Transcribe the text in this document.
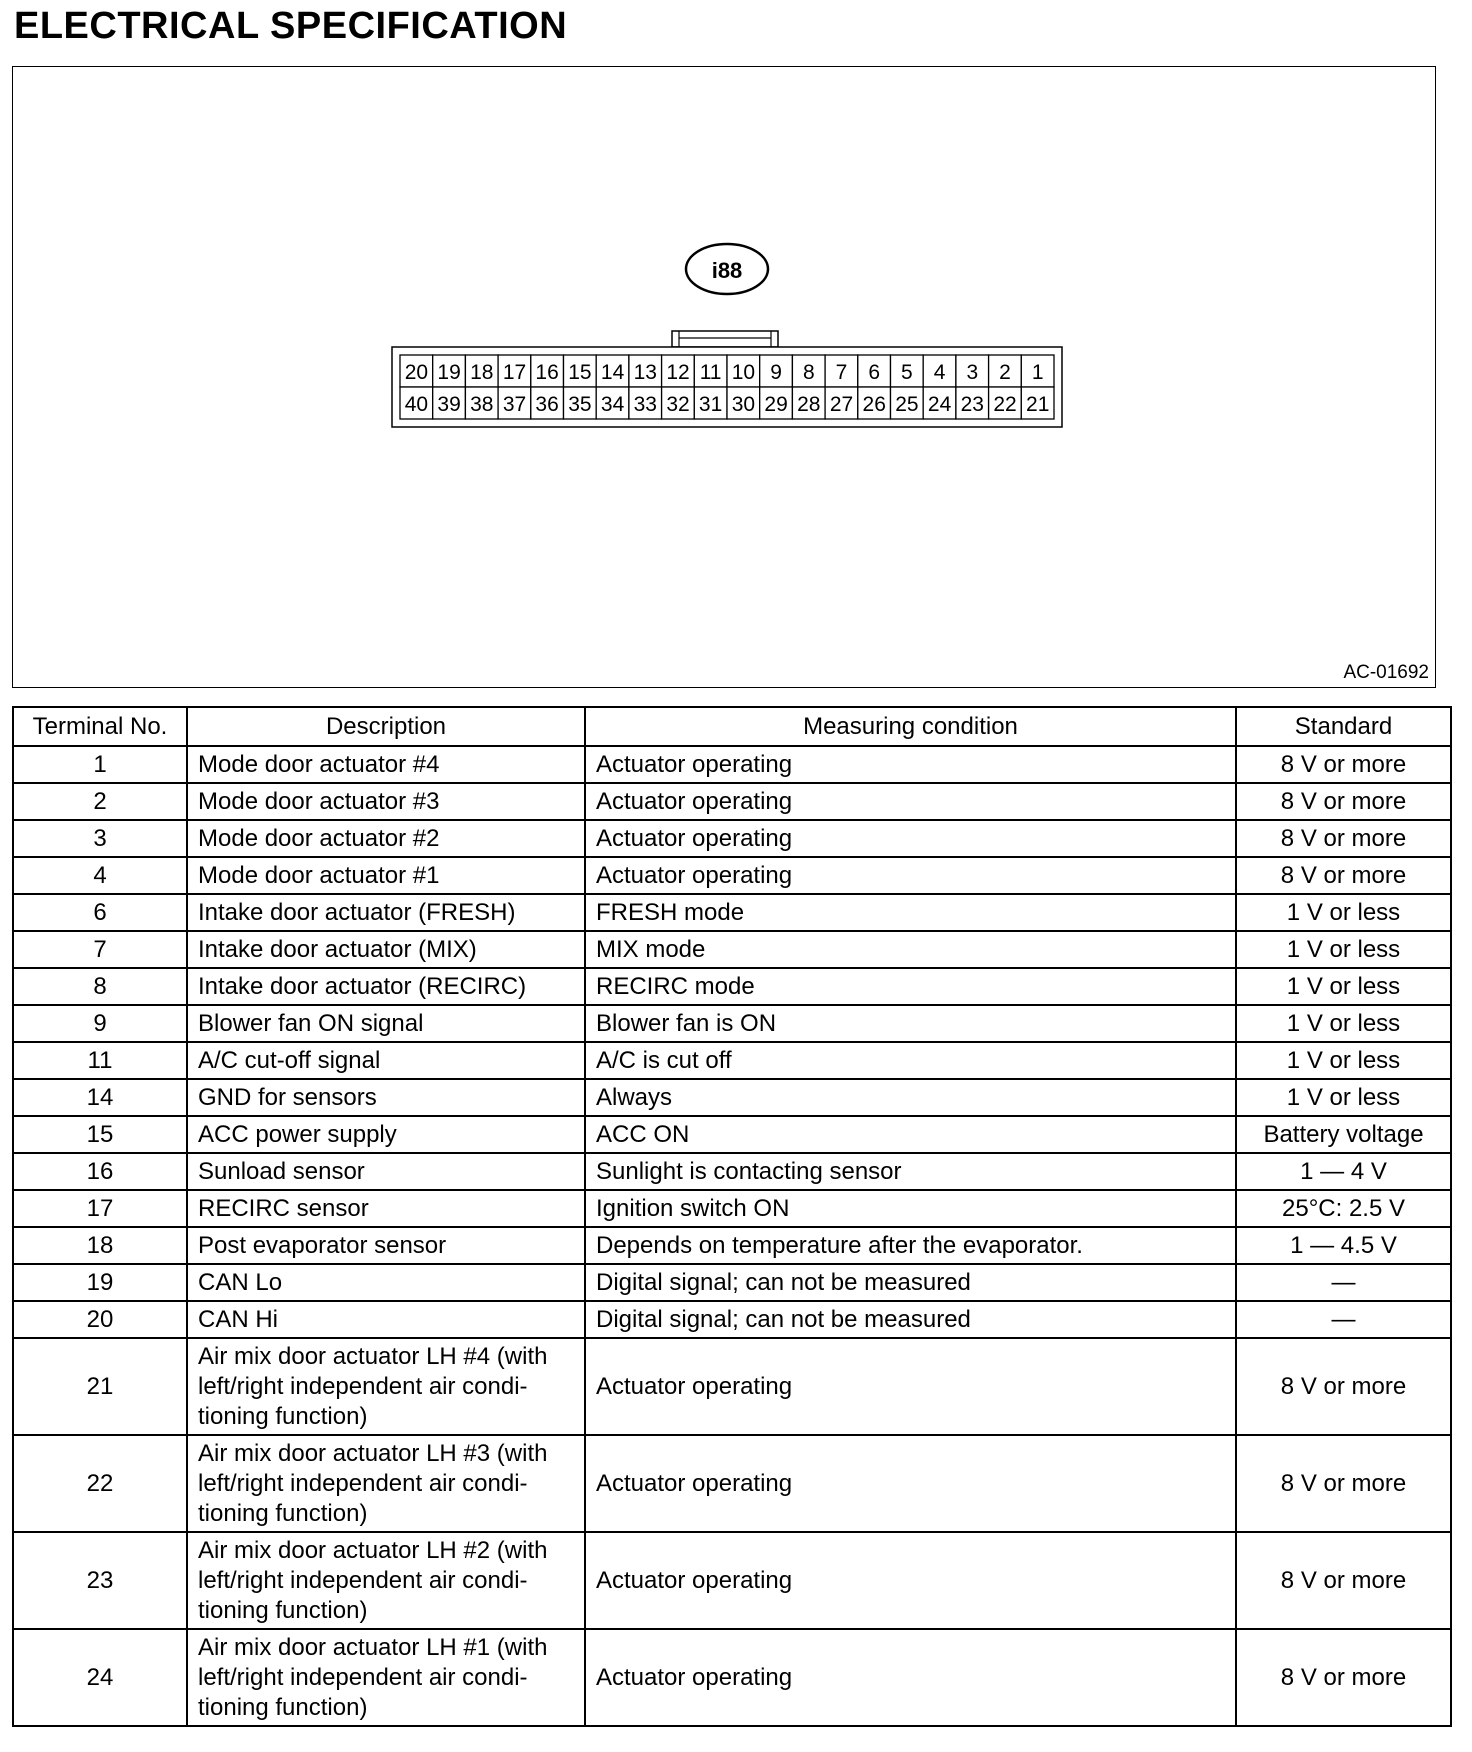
ELECTRICAL SPECIFICATION
i88
20 19 18 17 16 15 14 13 12 11 10 9 8 7 6 5 4 3 2 1
40 39 38 37 36 35 34 33 32 31 30 29 28 27 26 25 24 23 22 21
AC-01692
Terminal No.	Description	Measuring condition	Standard
1	Mode door actuator #4	Actuator operating	8 V or more
2	Mode door actuator #3	Actuator operating	8 V or more
3	Mode door actuator #2	Actuator operating	8 V or more
4	Mode door actuator #1	Actuator operating	8 V or more
6	Intake door actuator (FRESH)	FRESH mode	1 V or less
7	Intake door actuator (MIX)	MIX mode	1 V or less
8	Intake door actuator (RECIRC)	RECIRC mode	1 V or less
9	Blower fan ON signal	Blower fan is ON	1 V or less
11	A/C cut-off signal	A/C is cut off	1 V or less
14	GND for sensors	Always	1 V or less
15	ACC power supply	ACC ON	Battery voltage
16	Sunload sensor	Sunlight is contacting sensor	1 — 4 V
17	RECIRC sensor	Ignition switch ON	25°C: 2.5 V
18	Post evaporator sensor	Depends on temperature after the evaporator.	1 — 4.5 V
19	CAN Lo	Digital signal; can not be measured	—
20	CAN Hi	Digital signal; can not be measured	—
21	Air mix door actuator LH #4 (with left/right independent air condi-tioning function)	Actuator operating	8 V or more
22	Air mix door actuator LH #3 (with left/right independent air condi-tioning function)	Actuator operating	8 V or more
23	Air mix door actuator LH #2 (with left/right independent air condi-tioning function)	Actuator operating	8 V or more
24	Air mix door actuator LH #1 (with left/right independent air condi-tioning function)	Actuator operating	8 V or more
